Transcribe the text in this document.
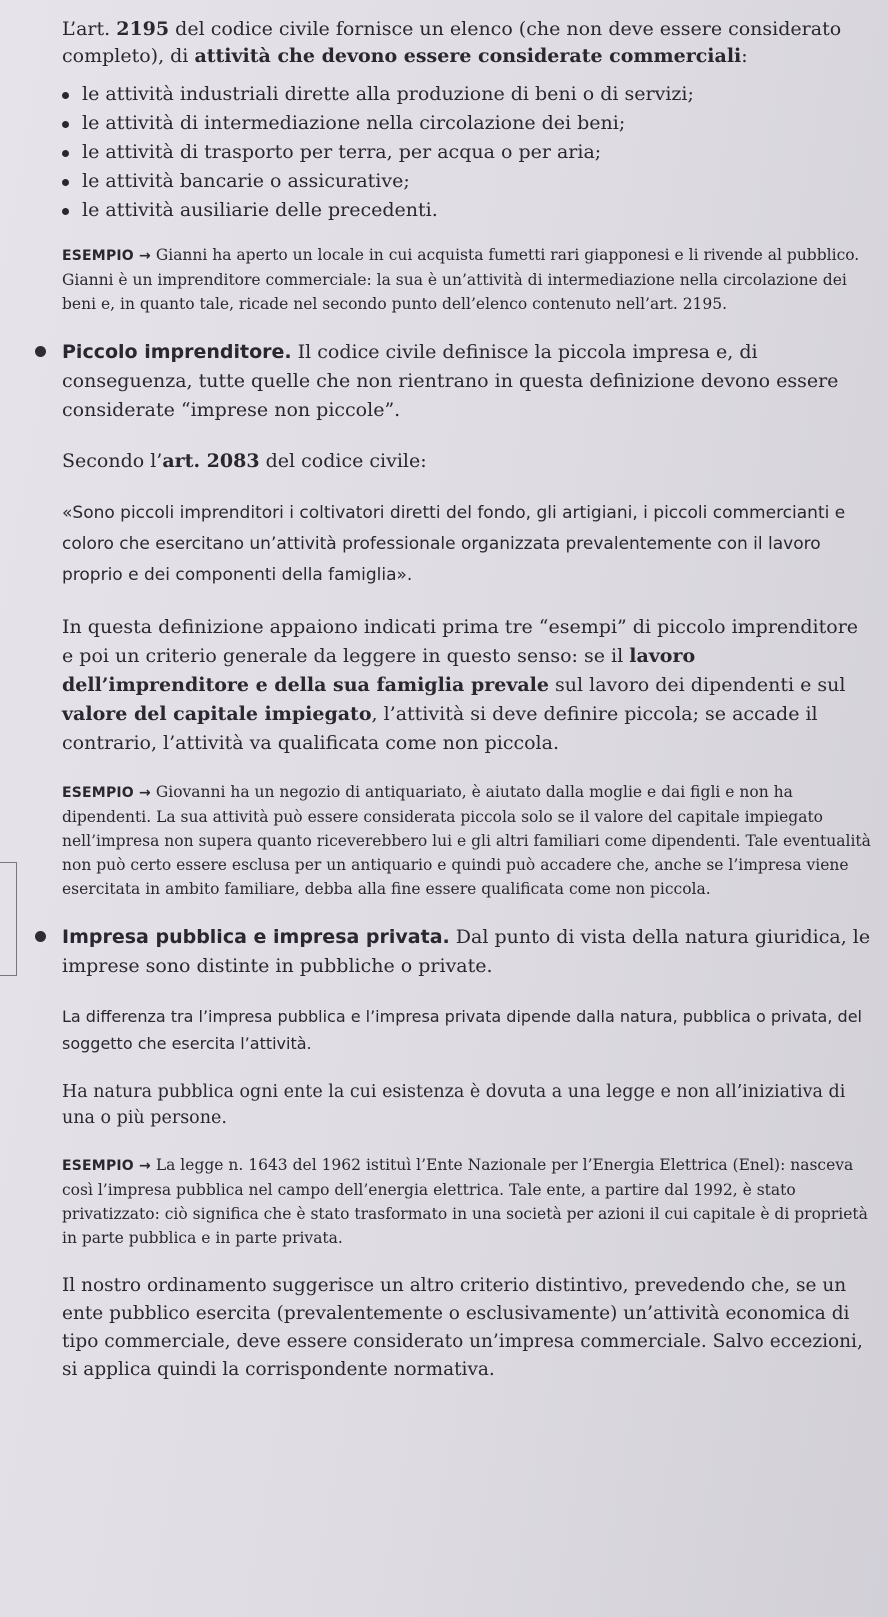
L’art. 2195 del codice civile fornisce un elenco (che non deve essere considerato completo), di attività che devono essere considerate commerciali:

le attività industriali dirette alla produzione di beni o di servizi;
le attività di intermediazione nella circolazione dei beni;
le attività di trasporto per terra, per acqua o per aria;
le attività bancarie o assicurative;
le attività ausiliarie delle precedenti.

ESEMPIO → Gianni ha aperto un locale in cui acquista fumetti rari giapponesi e li rivende al pubblico. Gianni è un imprenditore commerciale: la sua è un’attività di intermediazione nella circolazione dei beni e, in quanto tale, ricade nel secondo punto dell’elenco contenuto nell’art. 2195.

Piccolo imprenditore. Il codice civile definisce la piccola impresa e, di conseguenza, tutte quelle che non rientrano in questa definizione devono essere considerate “imprese non piccole”.

Secondo l’art. 2083 del codice civile:

«Sono piccoli imprenditori i coltivatori diretti del fondo, gli artigiani, i piccoli commercianti e coloro che esercitano un’attività professionale organizzata prevalentemente con il lavoro proprio e dei componenti della famiglia».

In questa definizione appaiono indicati prima tre “esempi” di piccolo imprenditore e poi un criterio generale da leggere in questo senso: se il lavoro dell’imprenditore e della sua famiglia prevale sul lavoro dei dipendenti e sul valore del capitale impiegato, l’attività si deve definire piccola; se accade il contrario, l’attività va qualificata come non piccola.

ESEMPIO → Giovanni ha un negozio di antiquariato, è aiutato dalla moglie e dai figli e non ha dipendenti. La sua attività può essere considerata piccola solo se il valore del capitale impiegato nell’impresa non supera quanto riceverebbero lui e gli altri familiari come dipendenti. Tale eventualità non può certo essere esclusa per un antiquario e quindi può accadere che, anche se l’impresa viene esercitata in ambito familiare, debba alla fine essere qualificata come non piccola.

Impresa pubblica e impresa privata. Dal punto di vista della natura giuridica, le imprese sono distinte in pubbliche o private.

La differenza tra l’impresa pubblica e l’impresa privata dipende dalla natura, pubblica o privata, del soggetto che esercita l’attività.

Ha natura pubblica ogni ente la cui esistenza è dovuta a una legge e non all’iniziativa di una o più persone.

ESEMPIO → La legge n. 1643 del 1962 istituì l’Ente Nazionale per l’Energia Elettrica (Enel): nasceva così l’impresa pubblica nel campo dell’energia elettrica. Tale ente, a partire dal 1992, è stato privatizzato: ciò significa che è stato trasformato in una società per azioni il cui capitale è di proprietà in parte pubblica e in parte privata.

Il nostro ordinamento suggerisce un altro criterio distintivo, prevedendo che, se un ente pubblico esercita (prevalentemente o esclusivamente) un’attività economica di tipo commerciale, deve essere considerato un’impresa commerciale. Salvo eccezioni, si applica quindi la corrispondente normativa.
